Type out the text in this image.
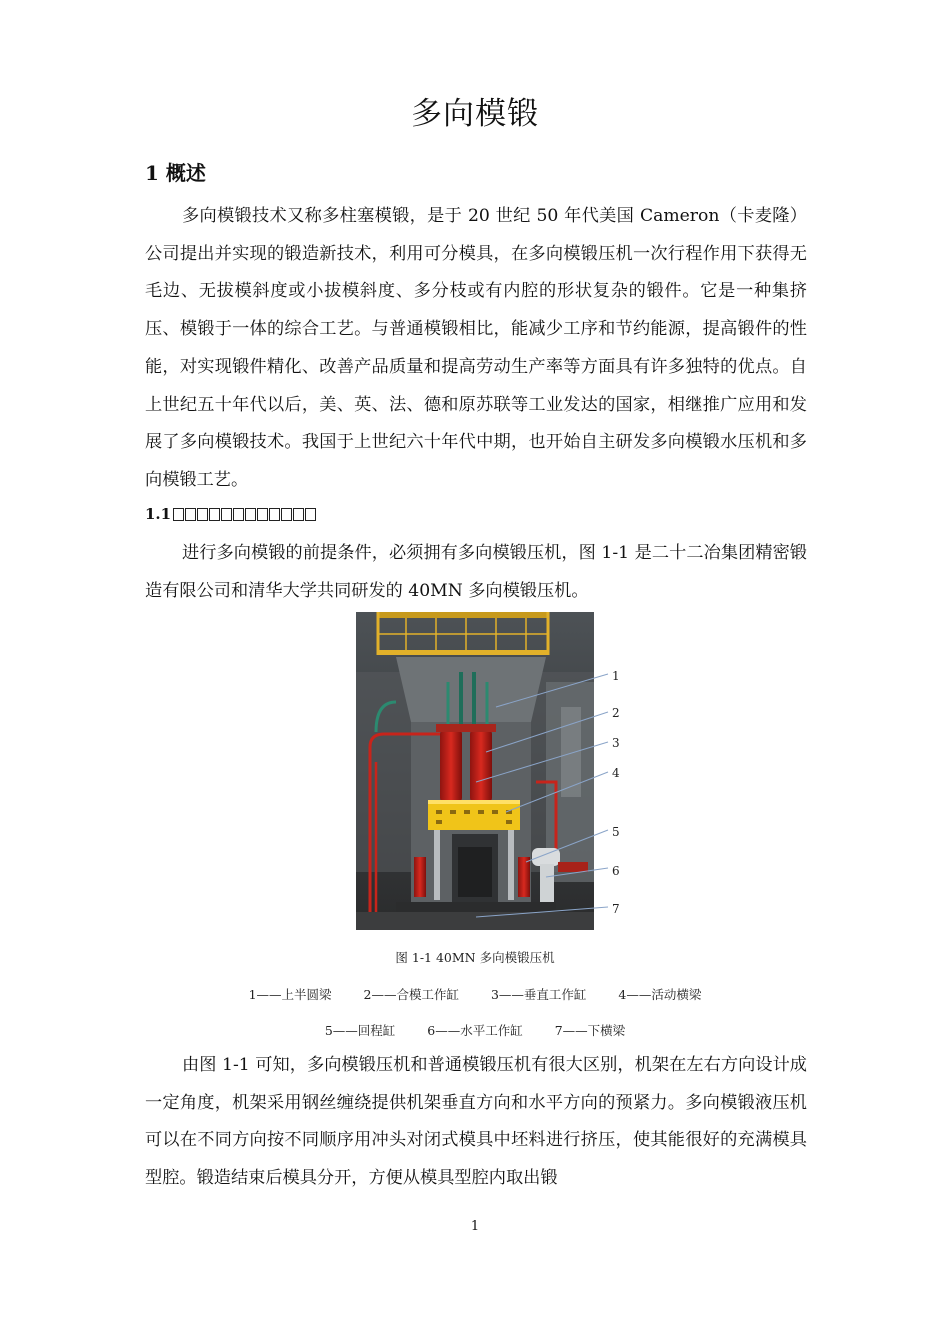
多向模锻
1 概述
多向模锻技术又称多柱塞模锻，是于 20 世纪 50 年代美国 Cameron（卡麦隆）公司提出并实现的锻造新技术，利用可分模具，在多向模锻压机一次行程作用下获得无毛边、无拔模斜度或小拔模斜度、多分枝或有内腔的形状复杂的锻件。它是一种集挤压、模锻于一体的综合工艺。与普通模锻相比，能减少工序和节约能源，提高锻件的性能，对实现锻件精化、改善产品质量和提高劳动生产率等方面具有许多独特的优点。自上世纪五十年代以后，美、英、法、德和原苏联等工业发达的国家，相继推广应用和发展了多向模锻技术。我国于上世纪六十年代中期，也开始自主研发多向模锻水压机和多向模锻工艺。
1.1
进行多向模锻的前提条件，必须拥有多向模锻压机，图 1-1 是二十二冶集团精密锻造有限公司和清华大学共同研发的 40MN 多向模锻压机。
1
2
3
4
5
6
7
图 1-1 40MN 多向模锻压机
1——上半圆梁	2——合模工作缸	3——垂直工作缸	4——活动横梁
5——回程缸	6——水平工作缸	7——下横梁
由图 1-1 可知，多向模锻压机和普通模锻压机有很大区别，机架在左右方向设计成一定角度，机架采用钢丝缠绕提供机架垂直方向和水平方向的预紧力。多向模锻液压机可以在不同方向按不同顺序用冲头对闭式模具中坯料进行挤压，使其能很好的充满模具型腔。锻造结束后模具分开，方便从模具型腔内取出锻
1
